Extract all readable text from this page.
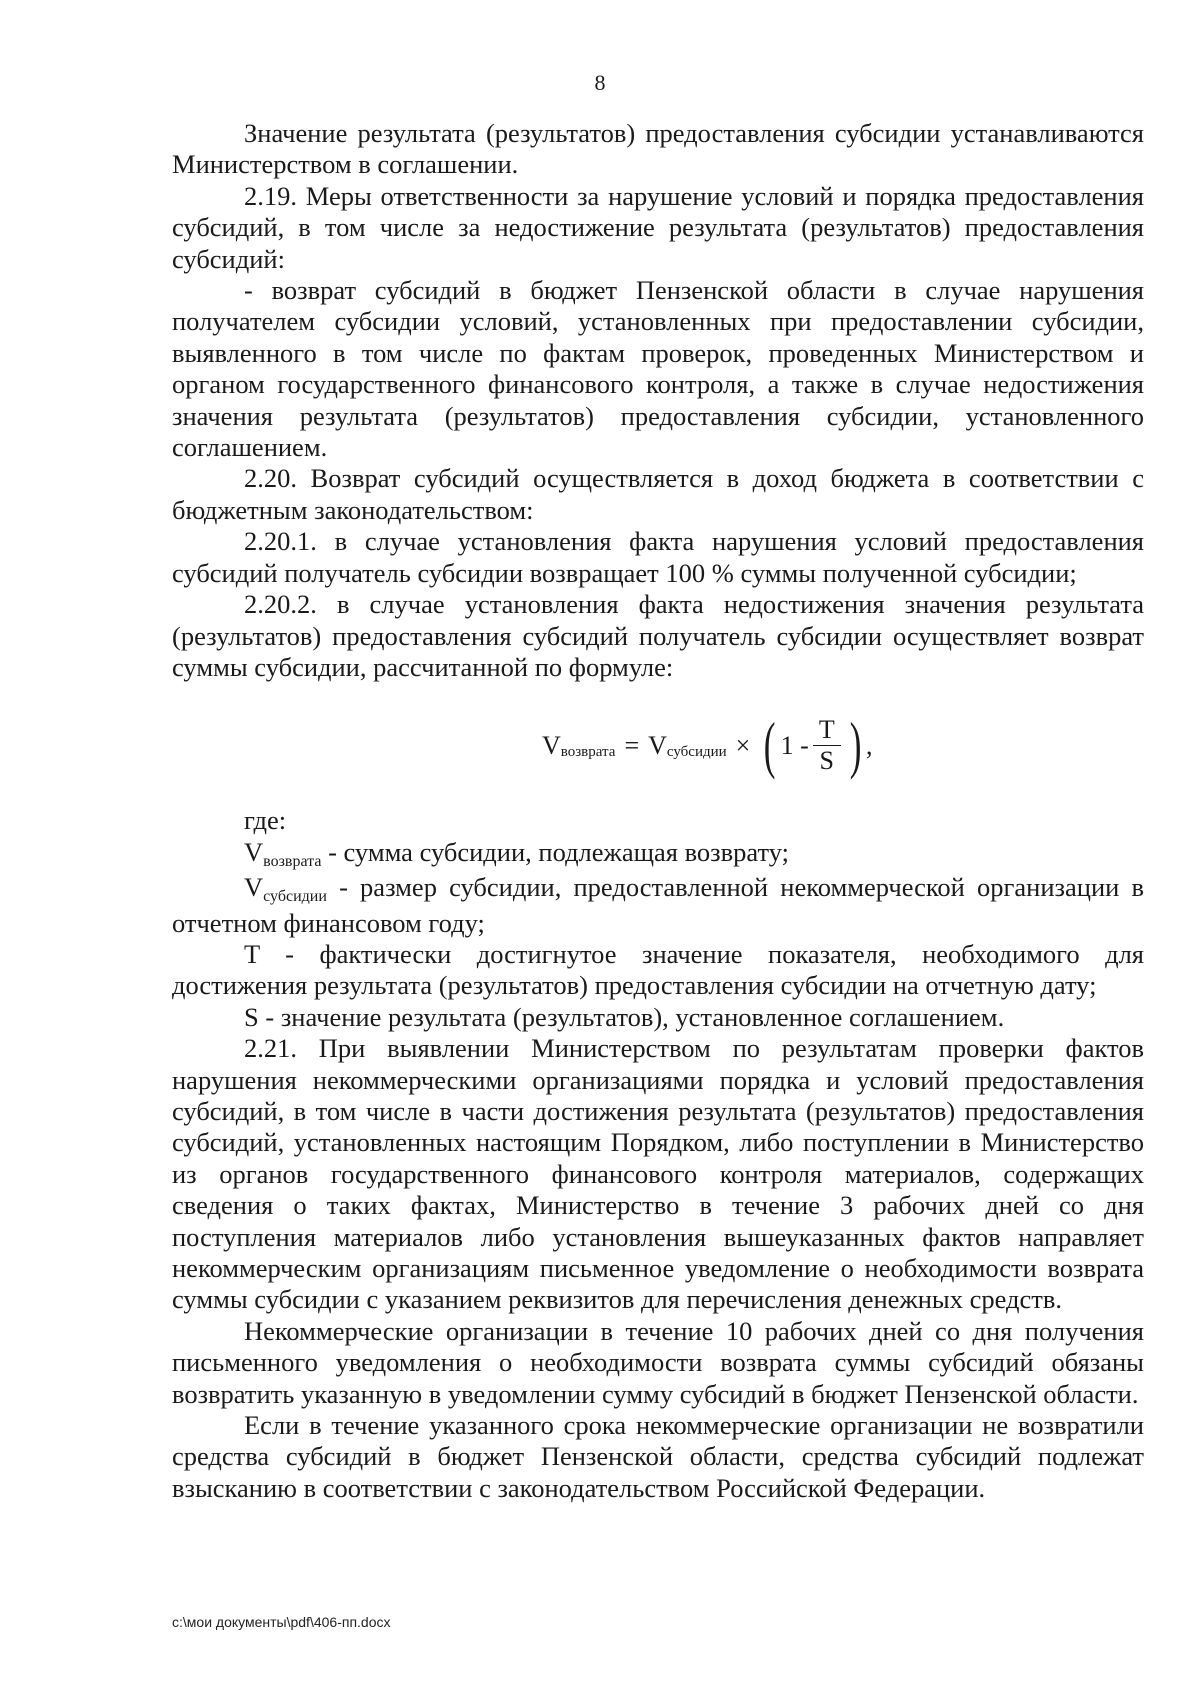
8

Значение результата (результатов) предоставления субсидии устанавливаются Министерством в соглашении.

2.19. Меры ответственности за нарушение условий и порядка предоставления субсидий, в том числе за недостижение результата (результатов) предоставления субсидий:

- возврат субсидий в бюджет Пензенской области в случае нарушения получателем субсидии условий, установленных при предоставлении субсидии, выявленного в том числе по фактам проверок, проведенных Министерством и органом государственного финансового контроля, а также в случае недостижения значения результата (результатов) предоставления субсидии, установленного соглашением.

2.20. Возврат субсидий осуществляется в доход бюджета в соответствии с бюджетным законодательством:

2.20.1. в случае установления факта нарушения условий предоставления субсидий получатель субсидии возвращает 100 % суммы полученной субсидии;

2.20.2. в случае установления факта недостижения значения результата (результатов) предоставления субсидий получатель субсидии осуществляет возврат суммы субсидии, рассчитанной по формуле:

V возврата = V субсидии × ( $1 - \frac{T}{S}$ ) ,

где:

Vвозврата - сумма субсидии, подлежащая возврату;

Vсубсидии - размер субсидии, предоставленной некоммерческой организации в отчетном финансовом году;

T - фактически достигнутое значение показателя, необходимого для достижения результата (результатов) предоставления субсидии на отчетную дату;

S - значение результата (результатов), установленное соглашением.

2.21. При выявлении Министерством по результатам проверки фактов нарушения некоммерческими организациями порядка и условий предоставления субсидий, в том числе в части достижения результата (результатов) предоставления субсидий, установленных настоящим Порядком, либо поступлении в Министерство из органов государственного финансового контроля материалов, содержащих сведения о таких фактах, Министерство в течение 3 рабочих дней со дня поступления материалов либо установления вышеуказанных фактов направляет некоммерческим организациям письменное уведомление о необходимости возврата суммы субсидии с указанием реквизитов для перечисления денежных средств.

Некоммерческие организации в течение 10 рабочих дней со дня получения письменного уведомления о необходимости возврата суммы субсидий обязаны возвратить указанную в уведомлении сумму субсидий в бюджет Пензенской области.

Если в течение указанного срока некоммерческие организации не возвратили средства субсидий в бюджет Пензенской области, средства субсидий подлежат взысканию в соответствии с законодательством Российской Федерации.

c:\мои документы\pdf\406-пп.docx
